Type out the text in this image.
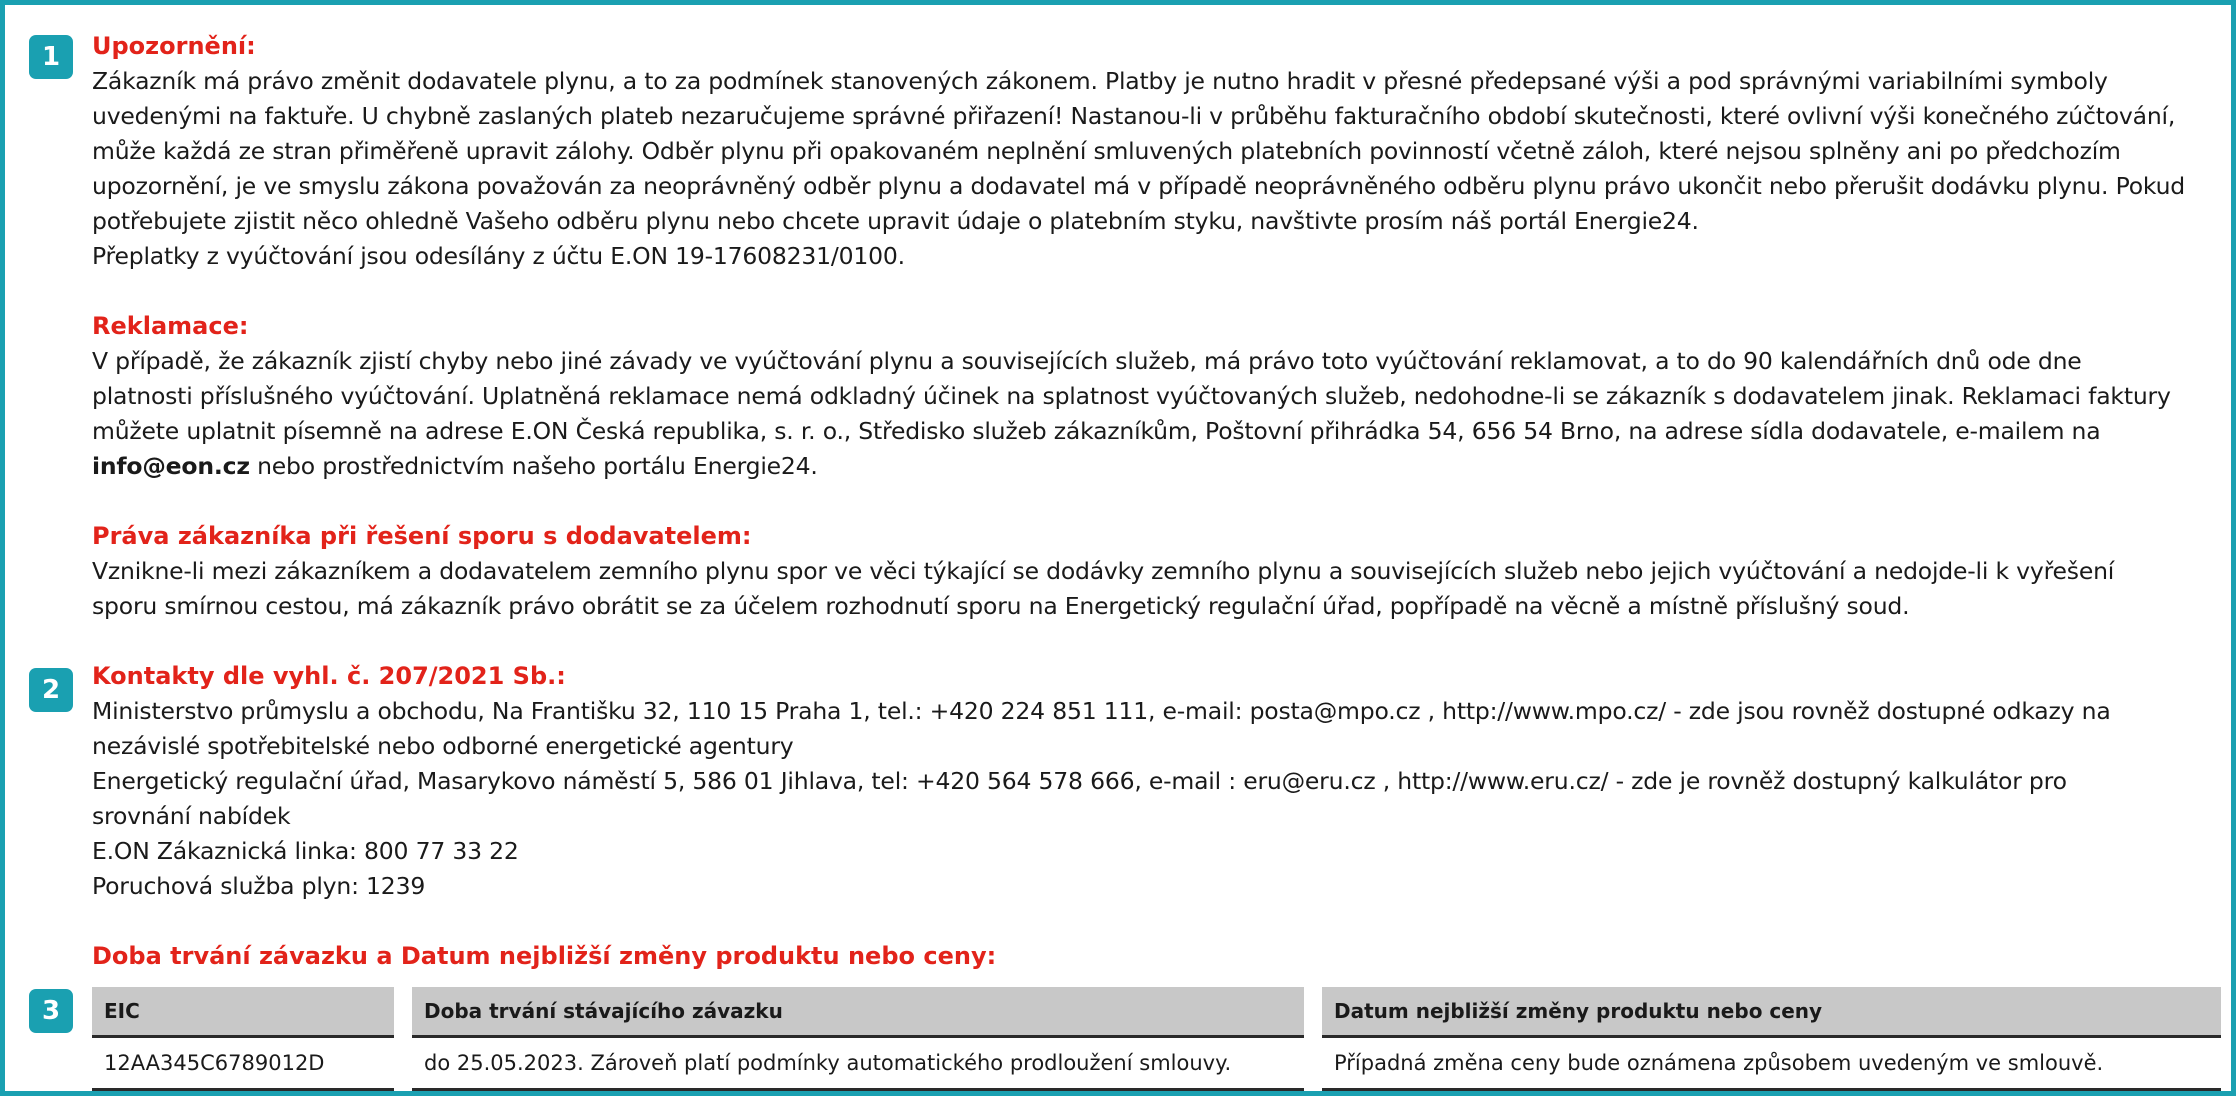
1
2
3

Upozornění:

Zákazník má právo změnit dodavatele plynu, a to za podmínek stanovených zákonem. Platby je nutno hradit v přesné předepsané výši a pod správnými variabilními symboly

uvedenými na faktuře. U chybně zaslaných plateb nezaručujeme správné přiřazení! Nastanou-li v průběhu fakturačního období skutečnosti, které ovlivní výši konečného zúčtování,

může každá ze stran přiměřeně upravit zálohy. Odběr plynu při opakovaném neplnění smluvených platebních povinností včetně záloh, které nejsou splněny ani po předchozím

upozornění, je ve smyslu zákona považován za neoprávněný odběr plynu a dodavatel má v případě neoprávněného odběru plynu právo ukončit nebo přerušit dodávku plynu. Pokud

potřebujete zjistit něco ohledně Vašeho odběru plynu nebo chcete upravit údaje o platebním styku, navštivte prosím náš portál Energie24.

Přeplatky z vyúčtování jsou odesílány z účtu E.ON 19-17608231/0100.

Reklamace:

V případě, že zákazník zjistí chyby nebo jiné závady ve vyúčtování plynu a souvisejících služeb, má právo toto vyúčtování reklamovat, a to do 90 kalendářních dnů ode dne

platnosti příslušného vyúčtování. Uplatněná reklamace nemá odkladný účinek na splatnost vyúčtovaných služeb, nedohodne-li se zákazník s dodavatelem jinak. Reklamaci faktury

můžete uplatnit písemně na adrese E.ON Česká republika, s. r. o., Středisko služeb zákazníkům, Poštovní přihrádka 54, 656 54 Brno, na adrese sídla dodavatele, e-mailem na

info@eon.cz nebo prostřednictvím našeho portálu Energie24.

Práva zákazníka při řešení sporu s dodavatelem:

Vznikne-li mezi zákazníkem a dodavatelem zemního plynu spor ve věci týkající se dodávky zemního plynu a souvisejících služeb nebo jejich vyúčtování a nedojde-li k vyřešení

sporu smírnou cestou, má zákazník právo obrátit se za účelem rozhodnutí sporu na Energetický regulační úřad, popřípadě na věcně a místně příslušný soud.

Kontakty dle vyhl. č. 207/2021 Sb.:

Ministerstvo průmyslu a obchodu, Na Františku 32, 110 15 Praha 1, tel.: +420 224 851 111, e-mail: posta@mpo.cz , http://www.mpo.cz/ - zde jsou rovněž dostupné odkazy na

nezávislé spotřebitelské nebo odborné energetické agentury

Energetický regulační úřad, Masarykovo náměstí 5, 586 01 Jihlava, tel: +420 564 578 666, e-mail : eru@eru.cz , http://www.eru.cz/ - zde je rovněž dostupný kalkulátor pro

srovnání nabídek

E.ON Zákaznická linka: 800 77 33 22

Poruchová služba plyn: 1239

Doba trvání závazku a Datum nejbližší změny produktu nebo ceny:

EIC		Doba trvání stávajícího závazku		Datum nejbližší změny produktu nebo ceny
12AA345C6789012D		do 25.05.2023. Zároveň platí podmínky automatického prodloužení smlouvy.		Případná změna ceny bude oznámena způsobem uvedeným ve smlouvě.
